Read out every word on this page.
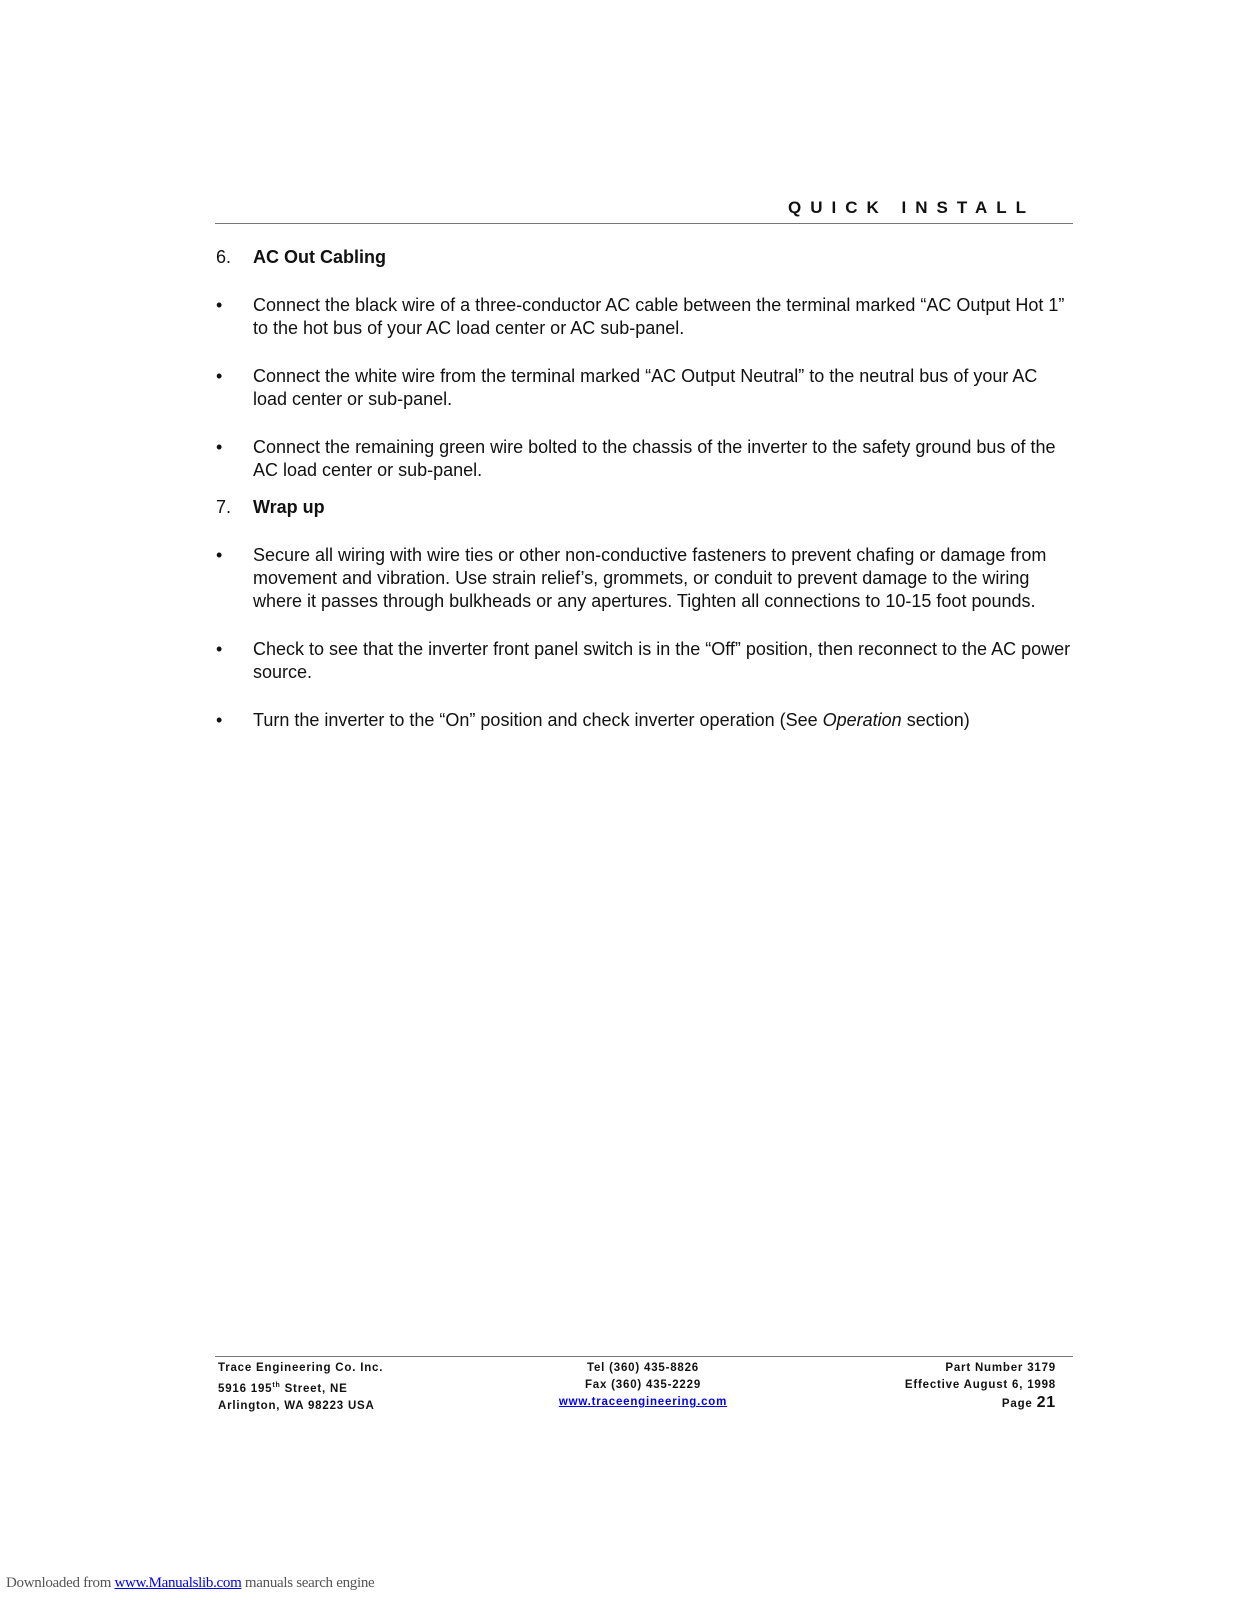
QUICK INSTALL
6.	AC Out Cabling
•	Connect the black wire of a three-conductor AC cable between the terminal marked “AC Output Hot 1” to the hot bus of your AC load center or AC sub-panel.
•	Connect the white wire from the terminal marked “AC Output Neutral” to the neutral bus of your AC load center or sub-panel.
•	Connect the remaining green wire bolted to the chassis of the inverter to the safety ground bus of the AC load center or sub-panel.
7.	Wrap up
•	Secure all wiring with wire ties or other non-conductive fasteners to prevent chafing or damage from movement and vibration. Use strain relief’s, grommets, or conduit to prevent damage to the wiring where it passes through bulkheads or any apertures. Tighten all connections to 10-15 foot pounds.
•	Check to see that the inverter front panel switch is in the “Off” position, then reconnect to the AC power source.
•	Turn the inverter to the “On” position and check inverter operation (See Operation section)
Trace Engineering Co. Inc.
5916 195th Street, NE
Arlington, WA 98223 USA
Tel (360) 435-8826
Fax (360) 435-2229
www.traceengineering.com
Part Number 3179
Effective August 6, 1998
Page 21
Downloaded from www.Manualslib.com manuals search engine
